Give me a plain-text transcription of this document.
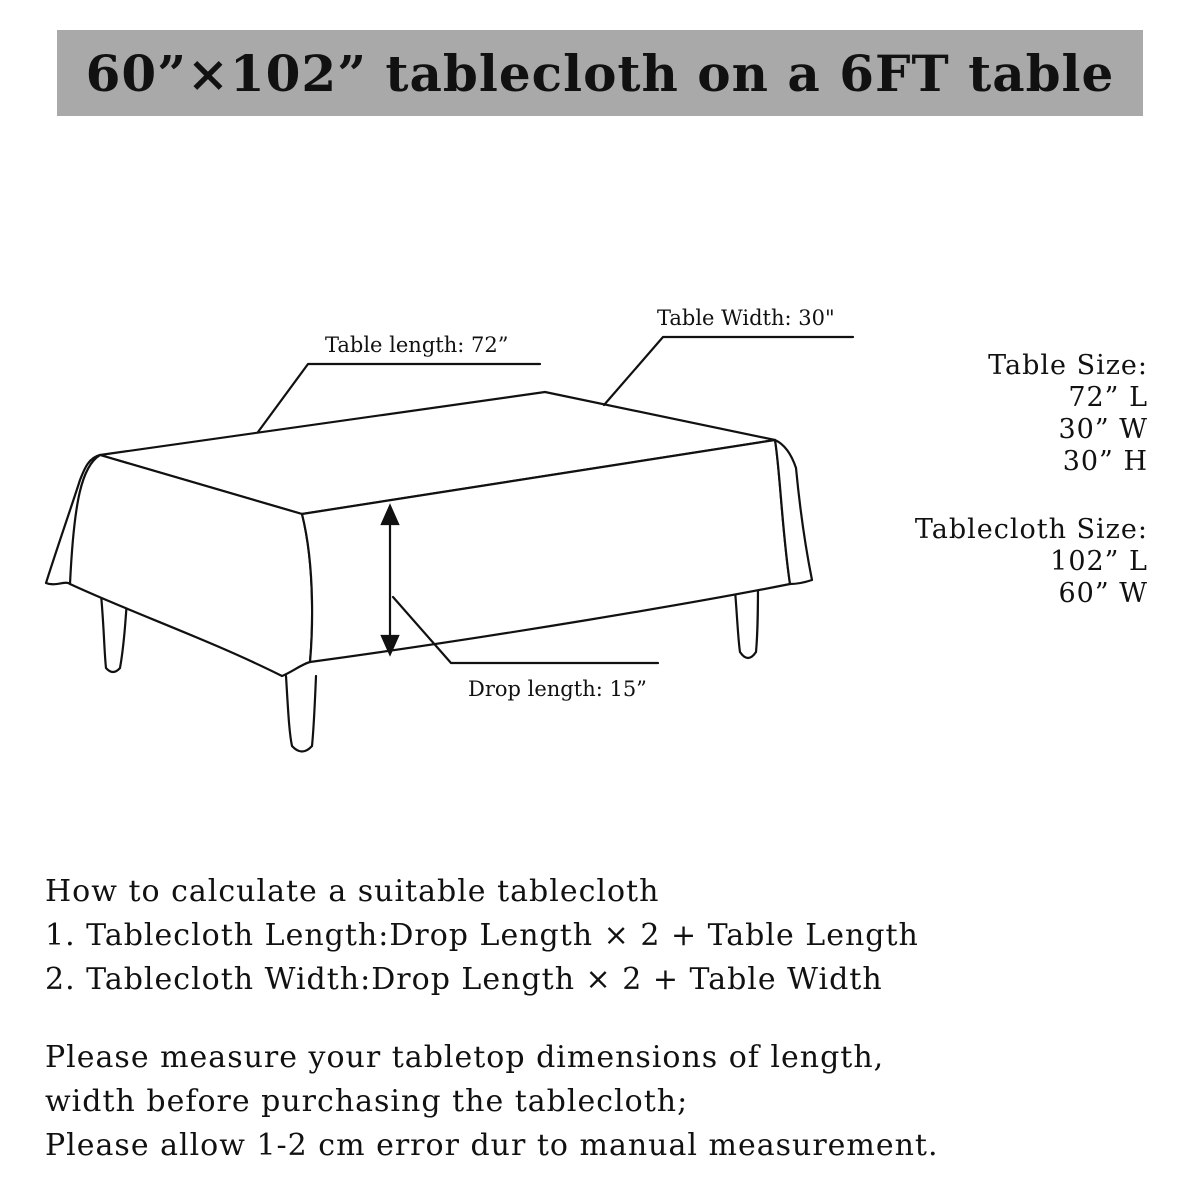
60”×102” tablecloth on a 6FT table
Table length: 72”
Table Width: 30"
Drop length: 15”
Table Size:
72” L
30” W
30” H
Tablecloth Size:
102” L
60” W
How to calculate a suitable tablecloth
1. Tablecloth Length:Drop Length × 2 + Table Length
2. Tablecloth Width:Drop Length × 2 + Table Width
Please measure your tabletop dimensions of length,
width before purchasing the tablecloth;
Please allow 1-2 cm error dur to manual measurement.
